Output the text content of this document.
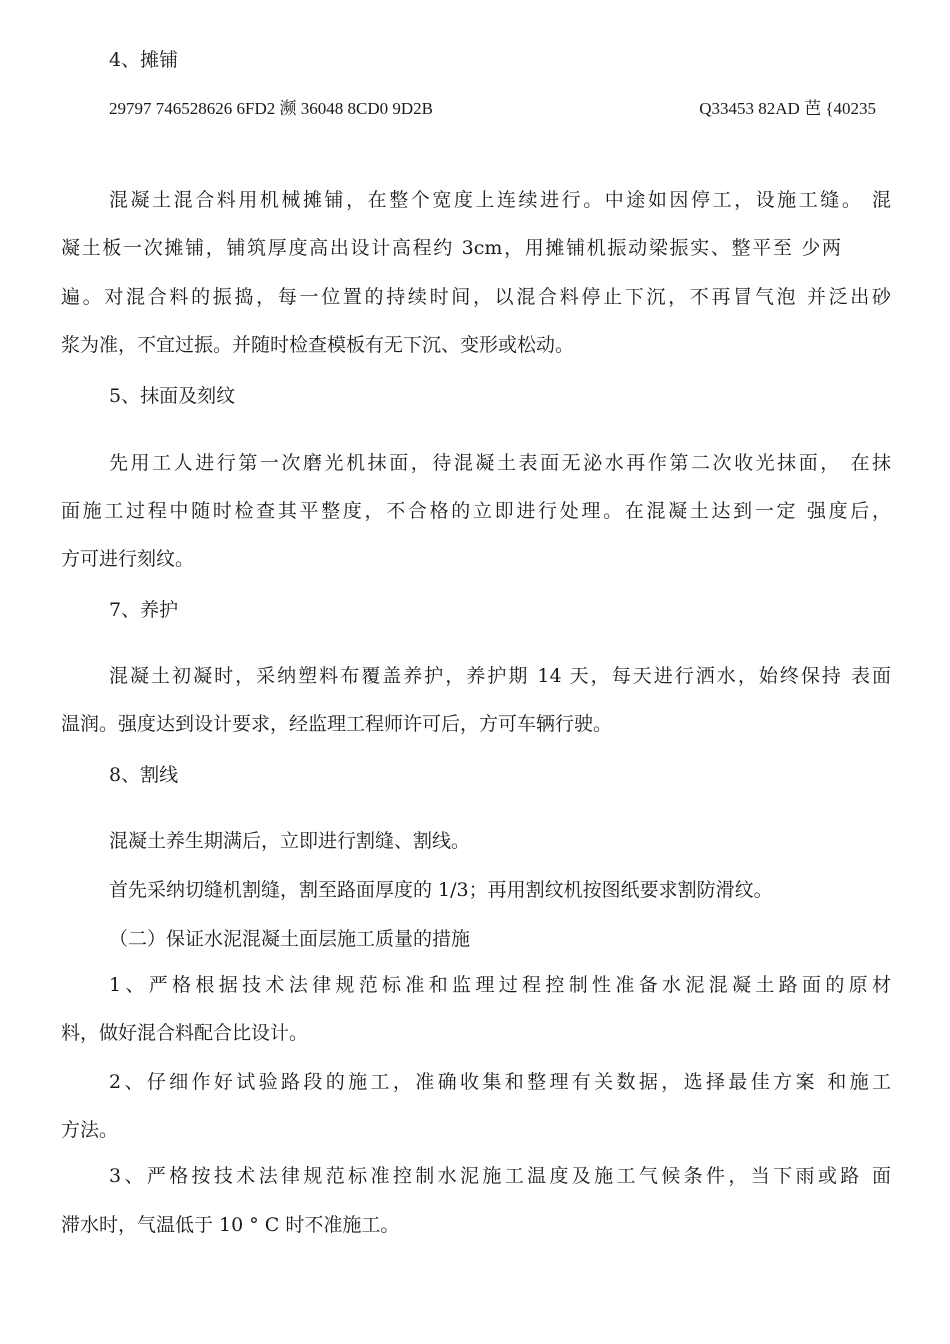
4、摊铺
29797 746528626 6FD2 濒 36048 8CD0 9D2B	Q33453 82AD 芭 {40235
混凝土混合料用机械摊铺，在整个宽度上连续进行。中途如因停工，设施工缝。 混
凝土板一次摊铺，铺筑厚度高出设计高程约 3cm，用摊铺机振动梁振实、整平至 少两
遍。对混合料的振捣，每一位置的持续时间，以混合料停止下沉，不再冒气泡 并泛出砂
浆为准，不宜过振。并随时检查模板有无下沉、变形或松动。
5、抹面及刻纹
先用工人进行第一次磨光机抹面，待混凝土表面无泌水再作第二次收光抹面， 在抹
面施工过程中随时检查其平整度，不合格的立即进行处理。在混凝土达到一定 强度后，
方可进行刻纹。
7、养护
混凝土初凝时，采纳塑料布覆盖养护，养护期 14 天，每天进行洒水，始终保持 表面
温润。强度达到设计要求，经监理工程师许可后，方可车辆行驶。
8、割线
混凝土养生期满后，立即进行割缝、割线。
首先采纳切缝机割缝，割至路面厚度的 1/3；再用割纹机按图纸要求割防滑纹。
（二）保证水泥混凝土面层施工质量的措施
1、严格根据技术法律规范标准和监理过程控制性准备水泥混凝土路面的原材
料，做好混合料配合比设计。
2、仔细作好试验路段的施工，准确收集和整理有关数据，选择最佳方案 和施工
方法。
3、严格按技术法律规范标准控制水泥施工温度及施工气候条件，当下雨或路 面
滞水时，气温低于 10 ° C 时不准施工。
